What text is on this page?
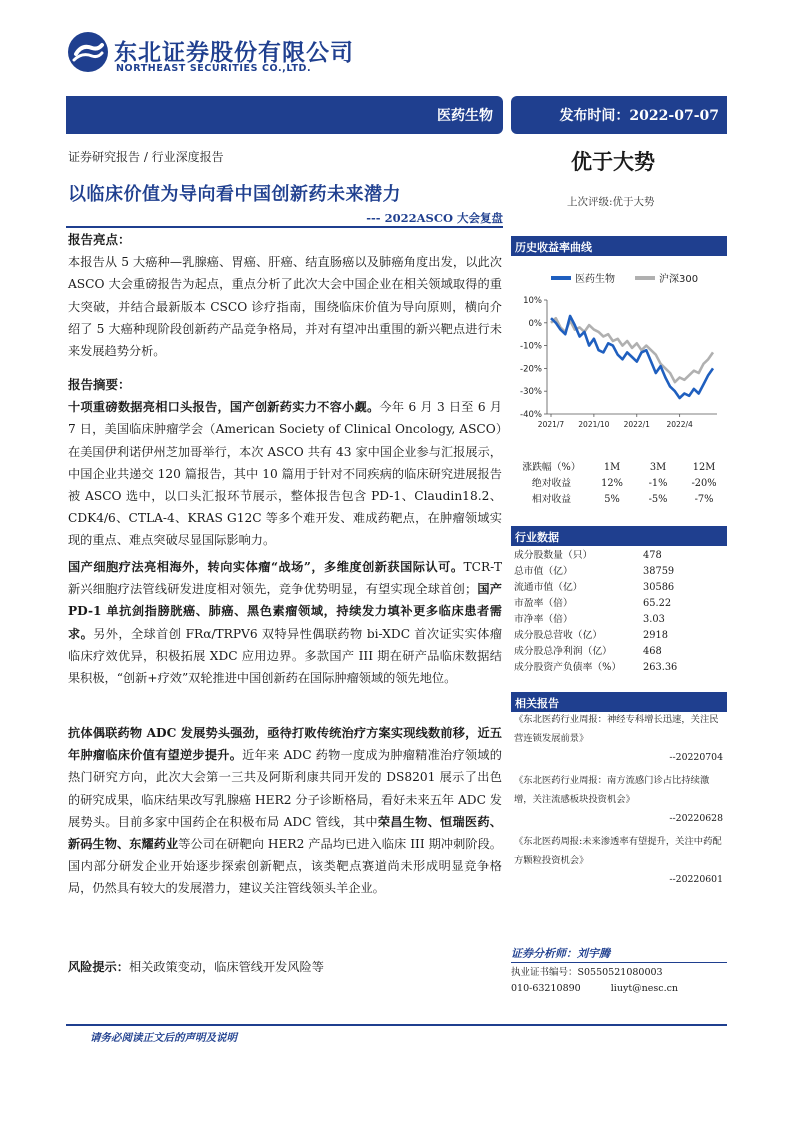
东北证券股份有限公司
NORTHEAST SECURITIES CO.,LTD.
医药生物	发布时间：2022-07-07
证券研究报告 / 行业深度报告	优于大势
以临床价值为导向看中国创新药未来潜力	上次评级:优于大势
--- 2022ASCO 大会复盘
报告亮点：
本报告从 5 大癌种—乳腺癌、胃癌、肝癌、结直肠癌以及肺癌角度出发，以此次 ASCO 大会重磅报告为起点，重点分析了此次大会中国企业在相关领域取得的重大突破，并结合最新版本 CSCO 诊疗指南，围绕临床价值为导向原则，横向介绍了 5 大癌种现阶段创新药产品竞争格局，并对有望冲出重围的新兴靶点进行未来发展趋势分析。
报告摘要：
十项重磅数据亮相口头报告，国产创新药实力不容小觑。今年 6 月 3 日至 6 月 7 日，美国临床肿瘤学会（American Society of Clinical Oncology, ASCO）在美国伊利诺伊州芝加哥举行，本次 ASCO 共有 43 家中国企业参与汇报展示，中国企业共递交 120 篇报告，其中 10 篇用于针对不同疾病的临床研究进展报告被 ASCO 选中，以口头汇报环节展示，整体报告包含 PD-1、Claudin18.2、CDK4/6、CTLA-4、KRAS G12C 等多个难开发、难成药靶点，在肿瘤领域实现的重点、难点突破尽显国际影响力。
国产细胞疗法亮相海外，转向实体瘤“战场”，多维度创新获国际认可。TCR-T 新兴细胞疗法管线研发进度相对领先，竞争优势明显，有望实现全球首创；国产 PD-1 单抗剑指膀胱癌、肺癌、黑色素瘤领域，持续发力填补更多临床患者需求。另外，全球首创 FRα/TRPV6 双特异性偶联药物 bi-XDC 首次证实实体瘤临床疗效优异，积极拓展 XDC 应用边界。多款国产 III 期在研产品临床数据结果积极，“创新+疗效”双轮推进中国创新药在国际肿瘤领域的领先地位。
抗体偶联药物 ADC 发展势头强劲，亟待打败传统治疗方案实现线数前移，近五年肿瘤临床价值有望逆步提升。近年来 ADC 药物一度成为肿瘤精准治疗领域的热门研究方向，此次大会第一三共及阿斯利康共同开发的 DS8201 展示了出色的研究成果，临床结果改写乳腺癌 HER2 分子诊断格局，看好未来五年 ADC 发展势头。目前多家中国药企在积极布局 ADC 管线，其中荣昌生物、恒瑞医药、新码生物、东耀药业等公司在研靶向 HER2 产品均已进入临床 III 期冲刺阶段。国内部分研发企业开始逐步探索创新靶点，该类靶点赛道尚未形成明显竞争格局，仍然具有较大的发展潜力，建议关注管线领头羊企业。
风险提示：相关政策变动，临床管线开发风险等
历史收益率曲线
医药生物	沪深300
10%
0%
-10%
-20%
-30%
-40%
2021/7 2021/10 2022/1 2022/4
涨跌幅（%）	1M	3M	12M
绝对收益	12%	-1%	-20%
相对收益	5%	-5%	-7%
行业数据
成分股数量（只）	478
总市值（亿）	38759
流通市值（亿）	30586
市盈率（倍）	65.22
市净率（倍）	3.03
成分股总营收（亿）	2918
成分股总净利润（亿）	468
成分股资产负债率（%）	263.36
相关报告
《东北医药行业周报：神经专科增长迅速，关注民营连锁发展前景》
--20220704
《东北医药行业周报：南方流感门诊占比持续激增，关注流感板块投资机会》
--20220628
《东北医药周报:未来渗透率有望提升，关注中药配方颗粒投资机会》
--20220601
证券分析师：刘宇腾
执业证书编号：S0550521080003
010-63210890	liuyt@nesc.cn
请务必阅读正文后的声明及说明
